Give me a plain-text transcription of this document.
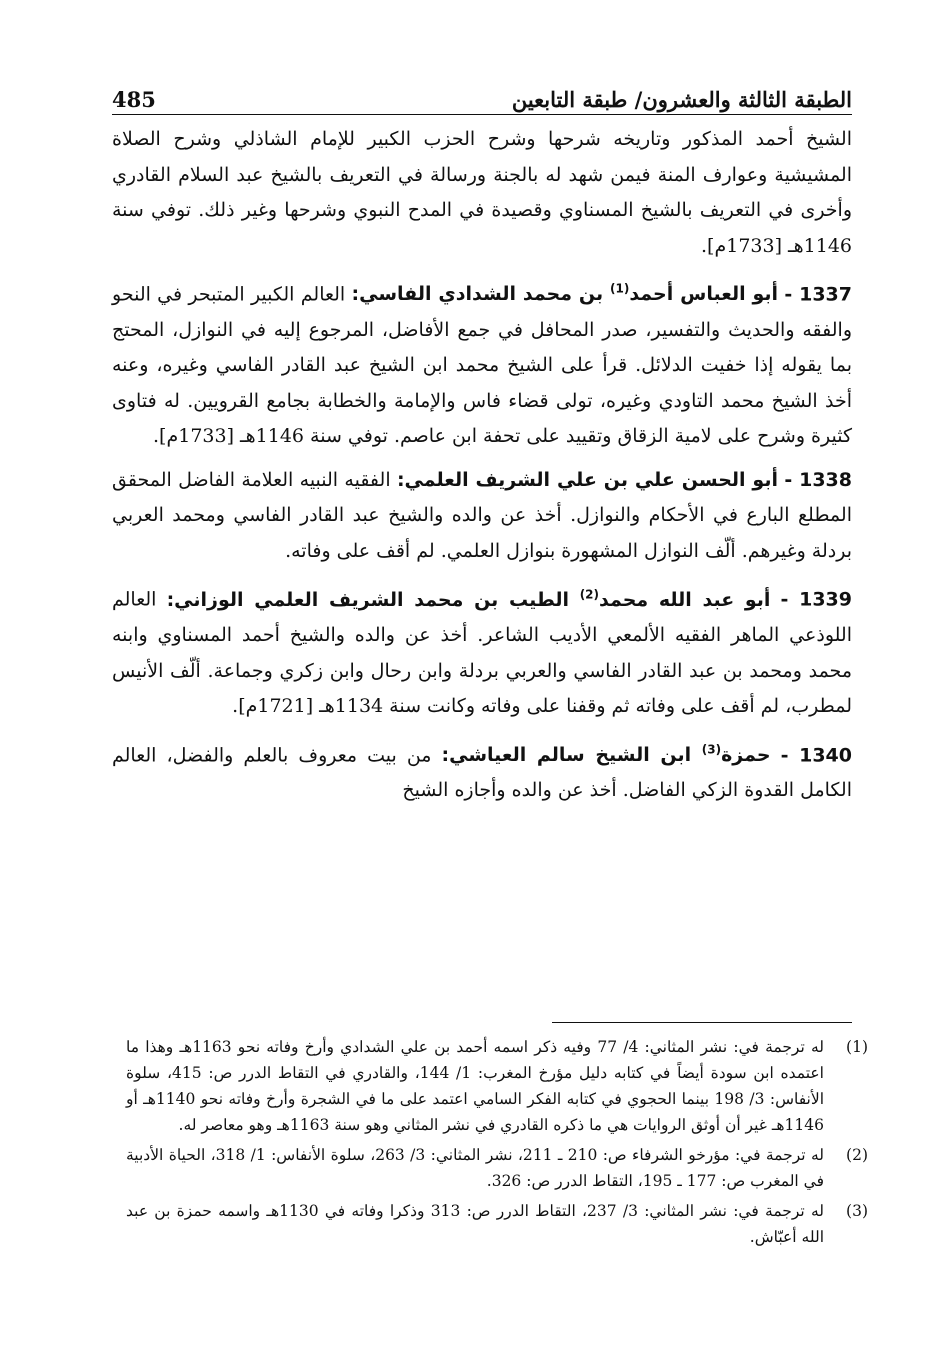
485	الطبقة الثالثة والعشرون/ طبقة التابعين

الشيخ أحمد المذكور وتاريخه شرحها وشرح الحزب الكبير للإمام الشاذلي وشرح الصلاة المشيشية وعوارف المنة فيمن شهد له بالجنة ورسالة في التعريف بالشيخ عبد السلام القادري وأخرى في التعريف بالشيخ المسناوي وقصيدة في المدح النبوي وشرحها وغير ذلك. توفي سنة 1146هـ [1733م].

1337 - أبو العباس أحمد$^{(1)}$ بن محمد الشدادي الفاسي: العالم الكبير المتبحر في النحو والفقه والحديث والتفسير، صدر المحافل في جمع الأفاضل، المرجوع إليه في النوازل، المحتج بما يقوله إذا خفيت الدلائل. قرأ على الشيخ محمد ابن الشيخ عبد القادر الفاسي وغيره، وعنه أخذ الشيخ محمد التاودي وغيره، تولى قضاء فاس والإمامة والخطابة بجامع القرويين. له فتاوى كثيرة وشرح على لامية الزقاق وتقييد على تحفة ابن عاصم. توفي سنة 1146هـ [1733م].

1338 - أبو الحسن علي بن علي الشريف العلمي: الفقيه النبيه العلامة الفاضل المحقق المطلع البارع في الأحكام والنوازل. أخذ عن والده والشيخ عبد القادر الفاسي ومحمد العربي بردلة وغيرهم. ألّف النوازل المشهورة بنوازل العلمي. لم أقف على وفاته.

1339 - أبو عبد الله محمد$^{(2)}$ الطيب بن محمد الشريف العلمي الوزاني: العالم اللوذعي الماهر الفقيه الألمعي الأديب الشاعر. أخذ عن والده والشيخ أحمد المسناوي وابنه محمد ومحمد بن عبد القادر الفاسي والعربي بردلة وابن رحال وابن زكري وجماعة. ألّف الأنيس لمطرب، لم أقف على وفاته ثم وقفنا على وفاته وكانت سنة 1134هـ [1721م].

1340 - حمزة$^{(3)}$ ابن الشيخ سالم العياشي: من بيت معروف بالعلم والفضل، العالم الكامل القدوة الزكي الفاضل. أخذ عن والده وأجازه الشيخ

(1)
له ترجمة في: نشر المثاني: 4/ 77 وفيه ذكر اسمه أحمد بن علي الشدادي وأرخ وفاته نحو 1163هـ وهذا ما اعتمده ابن سودة أيضاً في كتابه دليل مؤرخ المغرب: 1/ 144، والقادري في التقاط الدرر ص: 415، سلوة الأنفاس: 3/ 198 بينما الحجوي في كتابه الفكر السامي اعتمد على ما في الشجرة وأرخ وفاته نحو 1140هـ أو 1146هـ غير أن أوثق الروايات هي ما ذكره القادري في نشر المثاني وهو سنة 1163هـ وهو معاصر له.
(2)
له ترجمة في: مؤرخو الشرفاء ص: 210 ـ 211، نشر المثاني: 3/ 263، سلوة الأنفاس: 1/ 318، الحياة الأدبية في المغرب ص: 177 ـ 195، التقاط الدرر ص: 326.
(3)
له ترجمة في: نشر المثاني: 3/ 237، التقاط الدرر ص: 313 وذكرا وفاته في 1130هـ واسمه حمزة بن عبد الله أعبّاش.
